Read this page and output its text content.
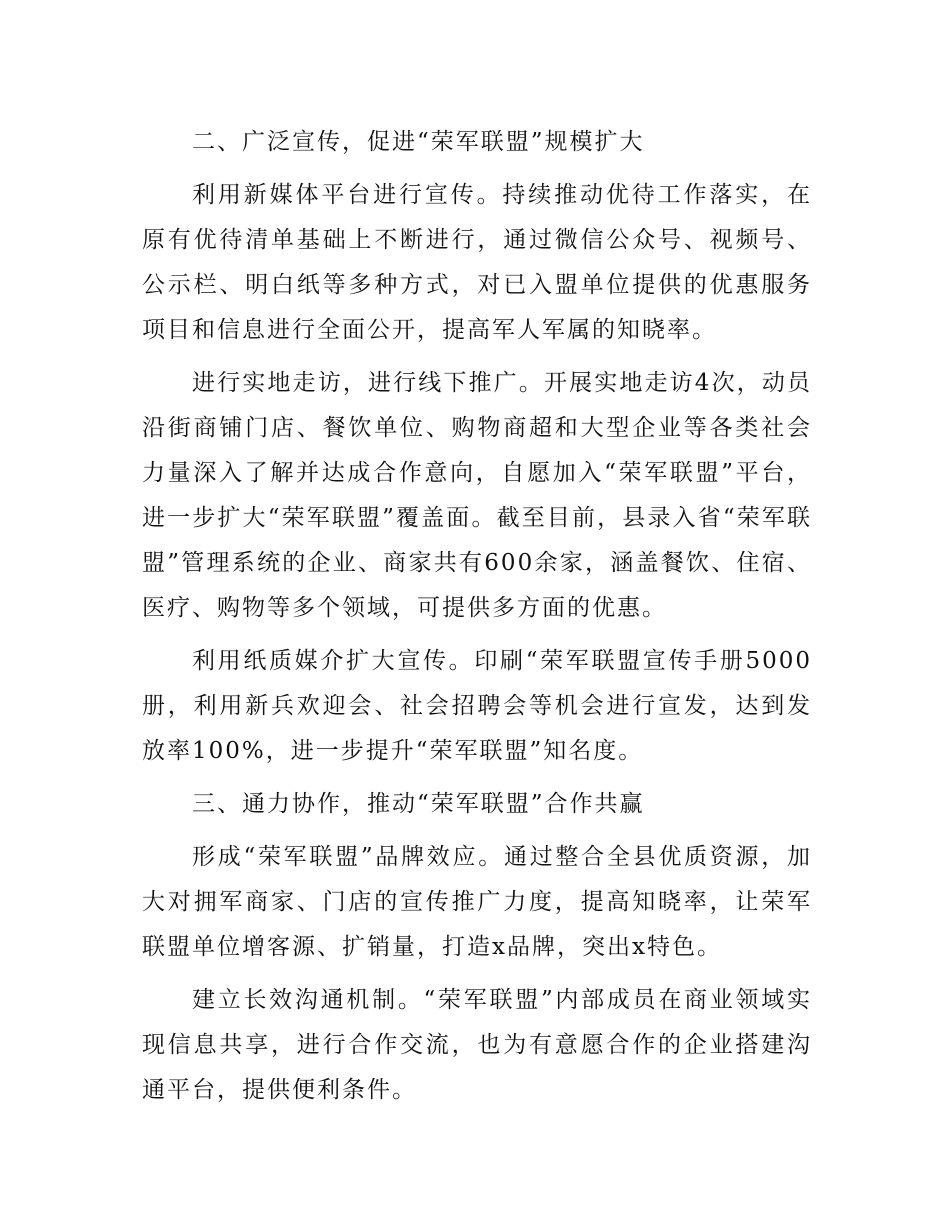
二、广泛宣传，促进“荣军联盟”规模扩大

利用新媒体平台进行宣传。持续推动优待工作落实，在原有优待清单基础上不断进行，通过微信公众号、视频号、公示栏、明白纸等多种方式，对已入盟单位提供的优惠服务项目和信息进行全面公开，提高军人军属的知晓率。

进行实地走访，进行线下推广。开展实地走访4次，动员沿街商铺门店、餐饮单位、购物商超和大型企业等各类社会力量深入了解并达成合作意向，自愿加入“荣军联盟”平台，进一步扩大“荣军联盟”覆盖面。截至目前，县录入省“荣军联盟”管理系统的企业、商家共有600余家，涵盖餐饮、住宿、医疗、购物等多个领域，可提供多方面的优惠。

利用纸质媒介扩大宣传。印刷“荣军联盟宣传手册5000册，利用新兵欢迎会、社会招聘会等机会进行宣发，达到发放率100%，进一步提升“荣军联盟”知名度。

三、通力协作，推动“荣军联盟”合作共赢

形成“荣军联盟”品牌效应。通过整合全县优质资源，加大对拥军商家、门店的宣传推广力度，提高知晓率，让荣军联盟单位增客源、扩销量，打造x品牌，突出x特色。

建立长效沟通机制。“荣军联盟”内部成员在商业领域实现信息共享，进行合作交流，也为有意愿合作的企业搭建沟通平台，提供便利条件。
